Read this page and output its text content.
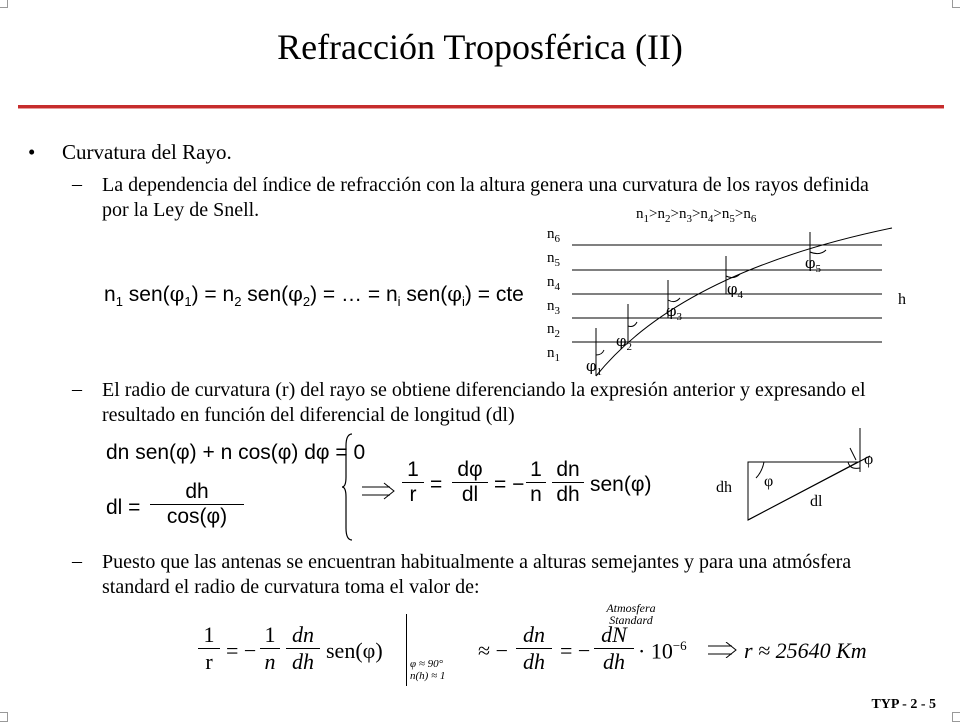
Refracción Troposférica (II)
• Curvatura del Rayo.
– La dependencia del índice de refracción con la altura genera una curvatura de los rayos definida por la Ley de Snell.
$n_1$ $sen(\varphi_1) = n_2$ $sen(\varphi_2)$ = … = $n_i$ $sen(\varphi_i)$ = cte
$n_1>n_2>n_3>n_4>n_5>n_6$
$n_6$
$n_5$
$n_4$
$n_3$
$n_2$
$n_1$ $\varphi_1$
$\varphi_2$
$\varphi_3$
$\varphi_4$
$\varphi_5$
h
– El radio de curvatura (r) del rayo se obtiene diferenciando la expresión anterior y expresando el resultado en función del diferencial de longitud (dl)
dn sen(φ) + n cos(φ) dφ = 0
dl =
dh
cos(φ)
1
r =
dφ
dl = −
1
n
dn
dh sen(φ)	dh
dl
φ
φ
– Puesto que las antenas se encuentran habitualmente a alturas semejantes y para una atmósfera standard el radio de curvatura toma el valor de:
1
r = −
1
n
dn
dh sen(φ)
φ ≈ 90°
n(h) ≈ 1
≈ −
dn
dh = −
dN
dh · $10^{-6}$
Atmosfera
Standard
r ≈ 25640 Km
TYP - 2 - 5
